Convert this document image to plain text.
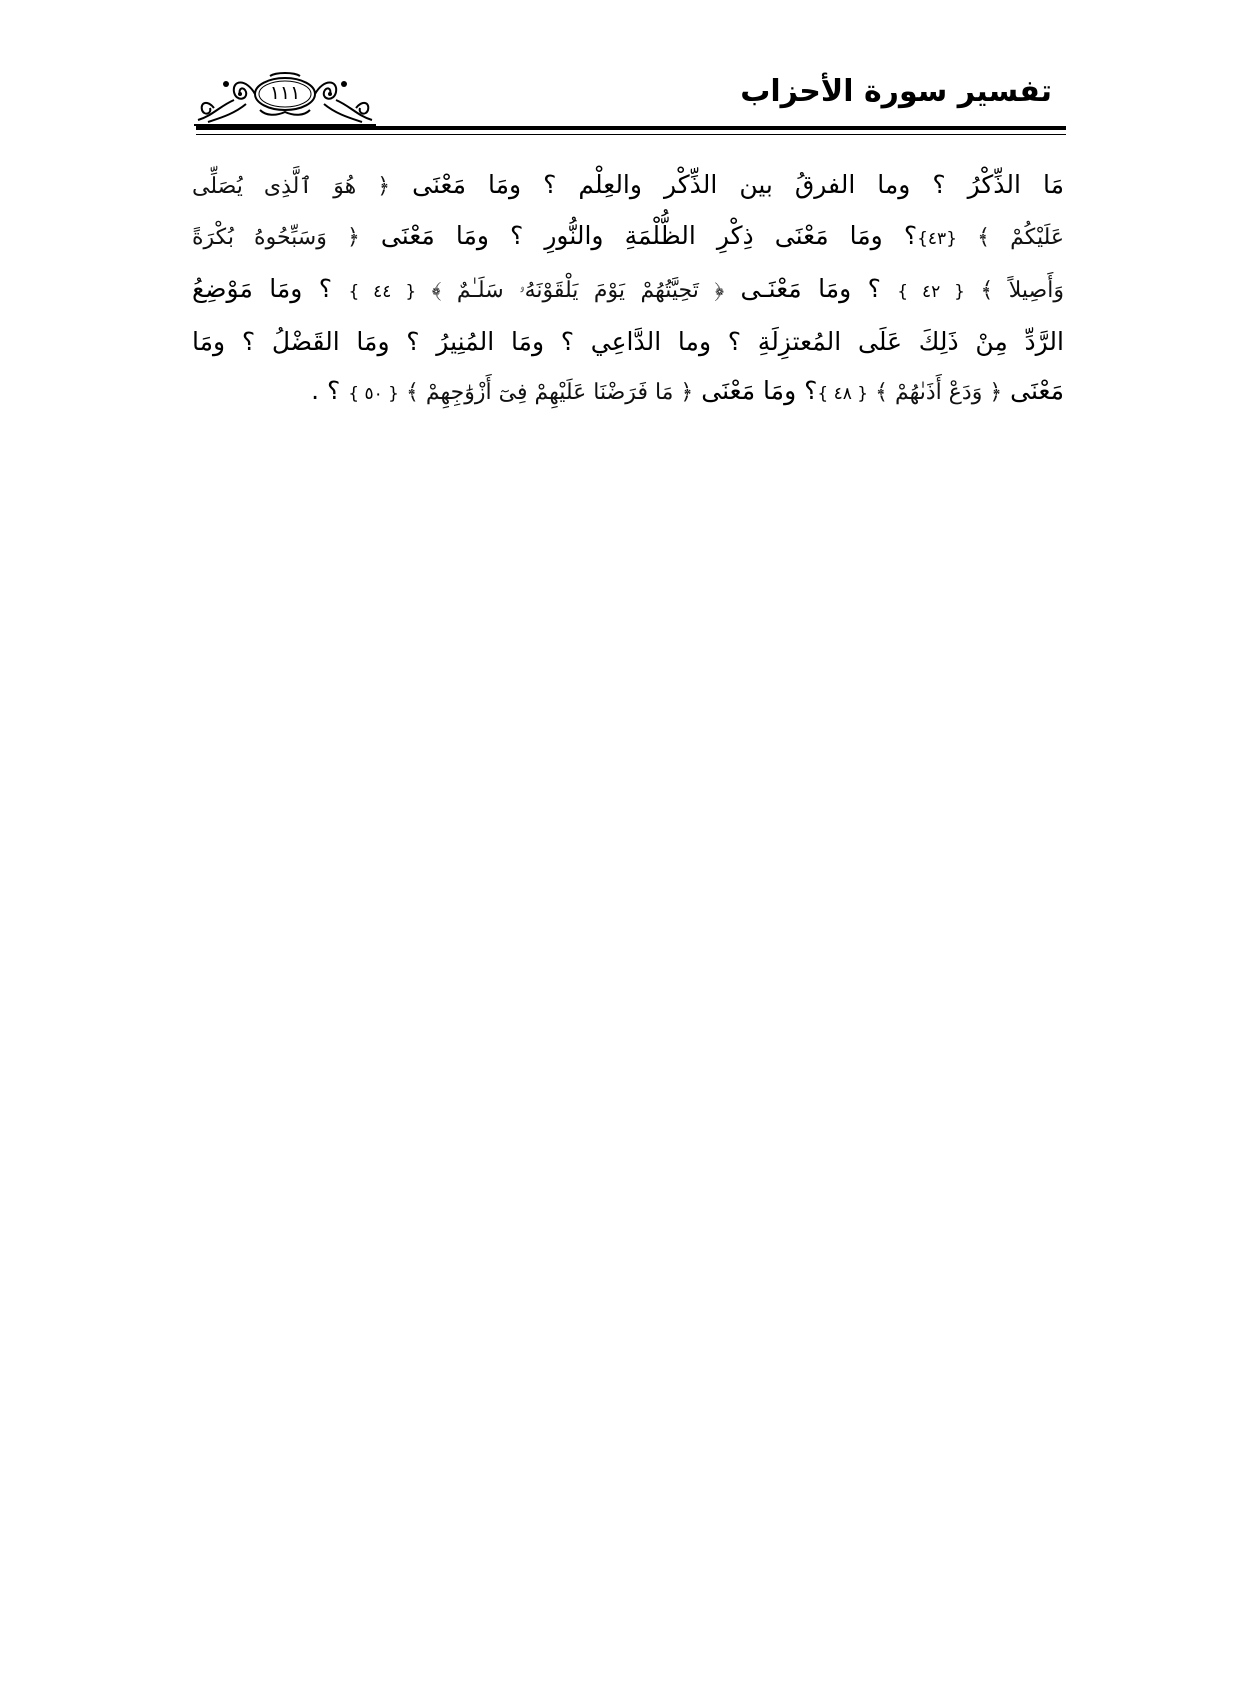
تفسير سورة الأحزاب
١١١
مَا الذِّكْرُ ؟ وما الفرقُ بين الذِّكْر والعِلْم ؟ ومَا مَعْنَى ﴿ هُوَ ٱلَّذِى يُصَلِّى
عَلَيْكُمْ ﴾ {٤٣}؟ ومَا مَعْنَى ذِكْرِ الظُّلْمَةِ والنُّورِ ؟ ومَا مَعْنَى ﴿ وَسَبِّحُوهُ بُكْرَةً
وَأَصِيلاً ﴾ { ٤٢ } ؟ ومَا مَعْنَـى ﴿ تَحِيَّتُهُمْ يَوْمَ يَلْقَوْنَهُۥ سَلَـٰمٌ ﴾ { ٤٤ } ؟ ومَا مَوْضِعُ
الرَّدِّ مِنْ ذَلِكَ عَلَى المُعتزِلَةِ ؟ وما الدَّاعِي ؟ ومَا المُنِيرُ ؟ ومَا القَضْلُ ؟ ومَا
مَعْنَى ﴿ وَدَعْ أَذَىٰهُمْ ﴾ { ٤٨ }؟ ومَا مَعْنَى ﴿ مَا فَرَضْنَا عَلَيْهِمْ فِىٓ أَزْوَٰجِهِمْ ﴾ { ٥٠ } ؟ .
